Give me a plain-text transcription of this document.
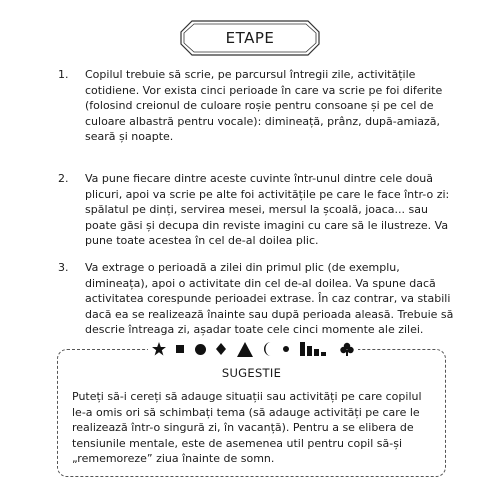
ETAPE
1.	Copilul trebuie să scrie, pe parcursul întregii zile, activitățile cotidiene. Vor exista cinci perioade în care va scrie pe foi diferite (folosind creionul de culoare roșie pentru consoane și pe cel de culoare albastră pentru vocale): dimineață, prânz, după-amiază, seară și noapte.
2.	Va pune fiecare dintre aceste cuvinte într-unul dintre cele două plicuri, apoi va scrie pe alte foi activitățile pe care le face într-o zi: spălatul pe dinți, servirea mesei, mersul la școală, joaca... sau poate găsi și decupa din reviste imagini cu care să le ilustreze. Va pune toate acestea în cel de-al doilea plic.
3.	Va extrage o perioadă a zilei din primul plic (de exemplu, dimineața), apoi o activitate din cel de-al doilea. Va spune dacă activitatea corespunde perioadei extrase. În caz contrar, va stabili dacă ea se realizează înainte sau după perioada aleasă. Trebuie să descrie întreaga zi, așadar toate cele cinci momente ale zilei.
SUGESTIE
Puteți să-i cereți să adauge situații sau activități pe care copilul le-a omis ori să schimbați tema (să adauge activități pe care le realizează într-o singură zi, în vacanță). Pentru a se elibera de tensiunile mentale, este de asemenea util pentru copil să-și „rememoreze” ziua înainte de somn.
